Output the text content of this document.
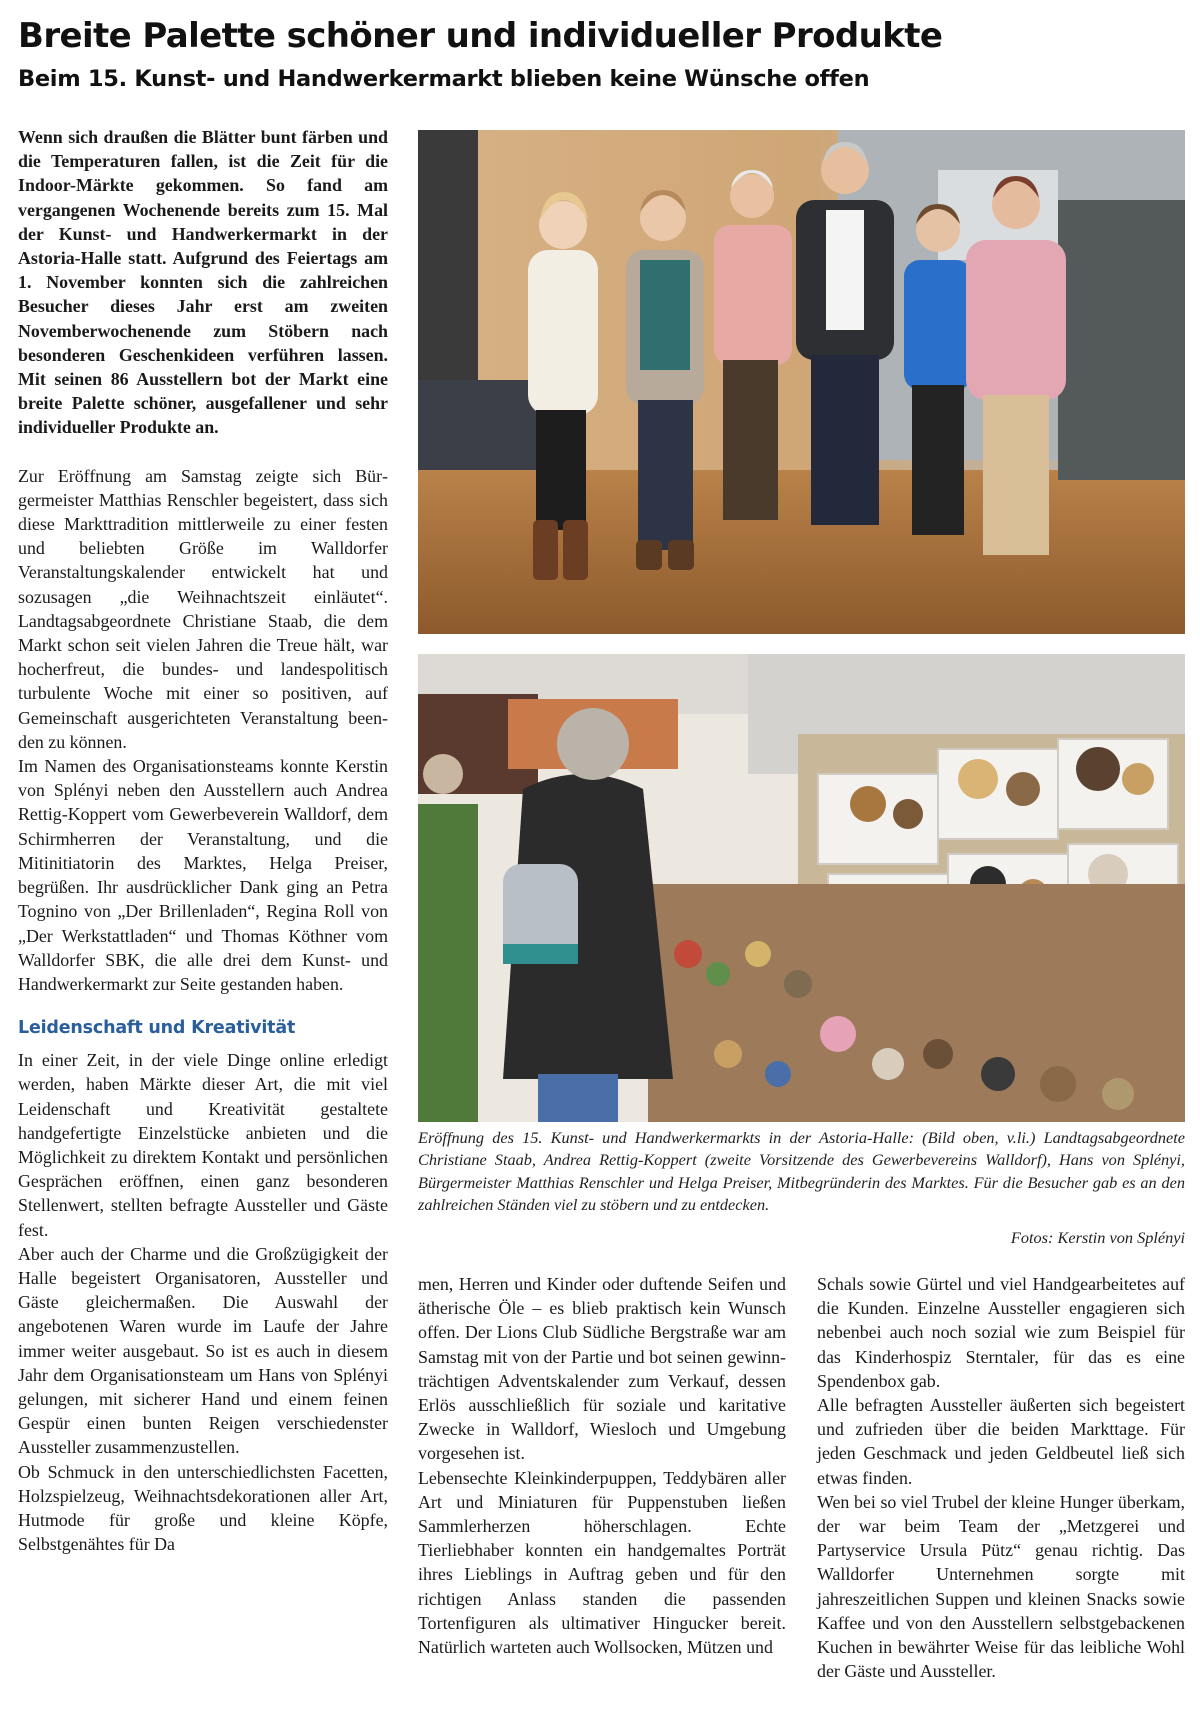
Breite Palette schöner und individueller Produkte
Beim 15. Kunst- und Handwerkermarkt blieben keine Wünsche offen

Wenn sich draußen die Blätter bunt färben und die Temperaturen fallen, ist die Zeit für die Indoor-Märkte gekommen. So fand am vergangenen Wochenende bereits zum 15. Mal der Kunst- und Handwerkermarkt in der Astoria-Halle statt. Aufgrund des Feiertags am 1. November konnten sich die zahlreichen Besucher dieses Jahr erst am zweiten Novemberwochenende zum Stöbern nach besonderen Geschenkideen verführen lassen. Mit seinen 86 Ausstellern bot der Markt eine breite Palette schöner, ausgefallener und sehr individueller Produkte an.

Zur Eröffnung am Samstag zeigte sich Bürgermeister Matthias Renschler begeistert, dass sich diese Markttradition mittlerweile zu einer festen und beliebten Größe im Walldorfer Veranstaltungskalender entwickelt hat und sozusagen „die Weihnachtszeit einläutet“. Landtagsabgeordnete Christiane Staab, die dem Markt schon seit vielen Jahren die Treue hält, war hocherfreut, die bundes- und landespolitisch turbulente Woche mit einer so positiven, auf Gemeinschaft ausgerichteten Veranstaltung beenden zu können.

Im Namen des Organisationsteams konnte Kerstin von Splényi neben den Ausstellern auch Andrea Rettig-Koppert vom Gewerbeverein Walldorf, dem Schirmherren der Veranstaltung, und die Mitinitiatorin des Marktes, Helga Preiser, begrüßen. Ihr ausdrücklicher Dank ging an Petra Tognino von „Der Brillenladen“, Regina Roll von „Der Werkstattladen“ und Thomas Köthner vom Walldorfer SBK, die alle drei dem Kunst- und Handwerkermarkt zur Seite gestanden haben.

Leidenschaft und Kreativität

In einer Zeit, in der viele Dinge online erledigt werden, haben Märkte dieser Art, die mit viel Leidenschaft und Kreativität gestaltete handgefertigte Einzelstücke anbieten und die Möglichkeit zu direktem Kontakt und persönlichen Gesprächen eröffnen, einen ganz besonderen Stellenwert, stellten befragte Aussteller und Gäste fest.

Aber auch der Charme und die Großzügigkeit der Halle begeistert Organisatoren, Aussteller und Gäste gleichermaßen. Die Auswahl der angebotenen Waren wurde im Laufe der Jahre immer weiter ausgebaut. So ist es auch in diesem Jahr dem Organisationsteam um Hans von Splényi gelungen, mit sicherer Hand und einem feinen Gespür einen bunten Reigen verschiedenster Aussteller zusammenzustellen.

Ob Schmuck in den unterschiedlichsten Facetten, Holzspielzeug, Weihnachtsdekorationen aller Art, Hutmode für große und kleine Köpfe, Selbstgenähtes für Da

Eröffnung des 15. Kunst- und Handwerkermarkts in der Astoria-Halle: (Bild oben, v.li.) Landtagsabgeordnete Christiane Staab, Andrea Rettig-Koppert (zweite Vorsitzende des Gewerbevereins Walldorf), Hans von Splényi, Bürgermeister Matthias Renschler und Helga Preiser, Mitbegründerin des Marktes. Für die Besucher gab es an den zahlreichen Ständen viel zu stöbern und zu entdecken.

Fotos: Kerstin von Splényi

men, Herren und Kinder oder duftende Seifen und ätherische Öle – es blieb praktisch kein Wunsch offen. Der Lions Club Südliche Bergstraße war am Samstag mit von der Partie und bot seinen gewinnträchtigen Adventskalender zum Verkauf, dessen Erlös ausschließlich für soziale und karitative Zwecke in Walldorf, Wiesloch und Umgebung vorgesehen ist.

Lebensechte Kleinkinderpuppen, Teddybären aller Art und Miniaturen für Puppenstuben ließen Sammlerherzen höherschlagen. Echte Tierliebhaber konnten ein handgemaltes Porträt ihres Lieblings in Auftrag geben und für den richtigen Anlass standen die passenden Tortenfiguren als ultimativer Hingucker bereit. Natürlich warteten auch Wollsocken, Mützen und

Schals sowie Gürtel und viel Handgearbeitetes auf die Kunden. Einzelne Aussteller engagieren sich nebenbei auch noch sozial wie zum Beispiel für das Kinderhospiz Sterntaler, für das es eine Spendenbox gab.

Alle befragten Aussteller äußerten sich begeistert und zufrieden über die beiden Markttage. Für jeden Geschmack und jeden Geldbeutel ließ sich etwas finden.

Wen bei so viel Trubel der kleine Hunger überkam, der war beim Team der „Metzgerei und Partyservice Ursula Pütz“ genau richtig. Das Walldorfer Unternehmen sorgte mit jahreszeitlichen Suppen und kleinen Snacks sowie Kaffee und von den Ausstellern selbstgebackenen Kuchen in bewährter Weise für das leibliche Wohl der Gäste und Aussteller.
